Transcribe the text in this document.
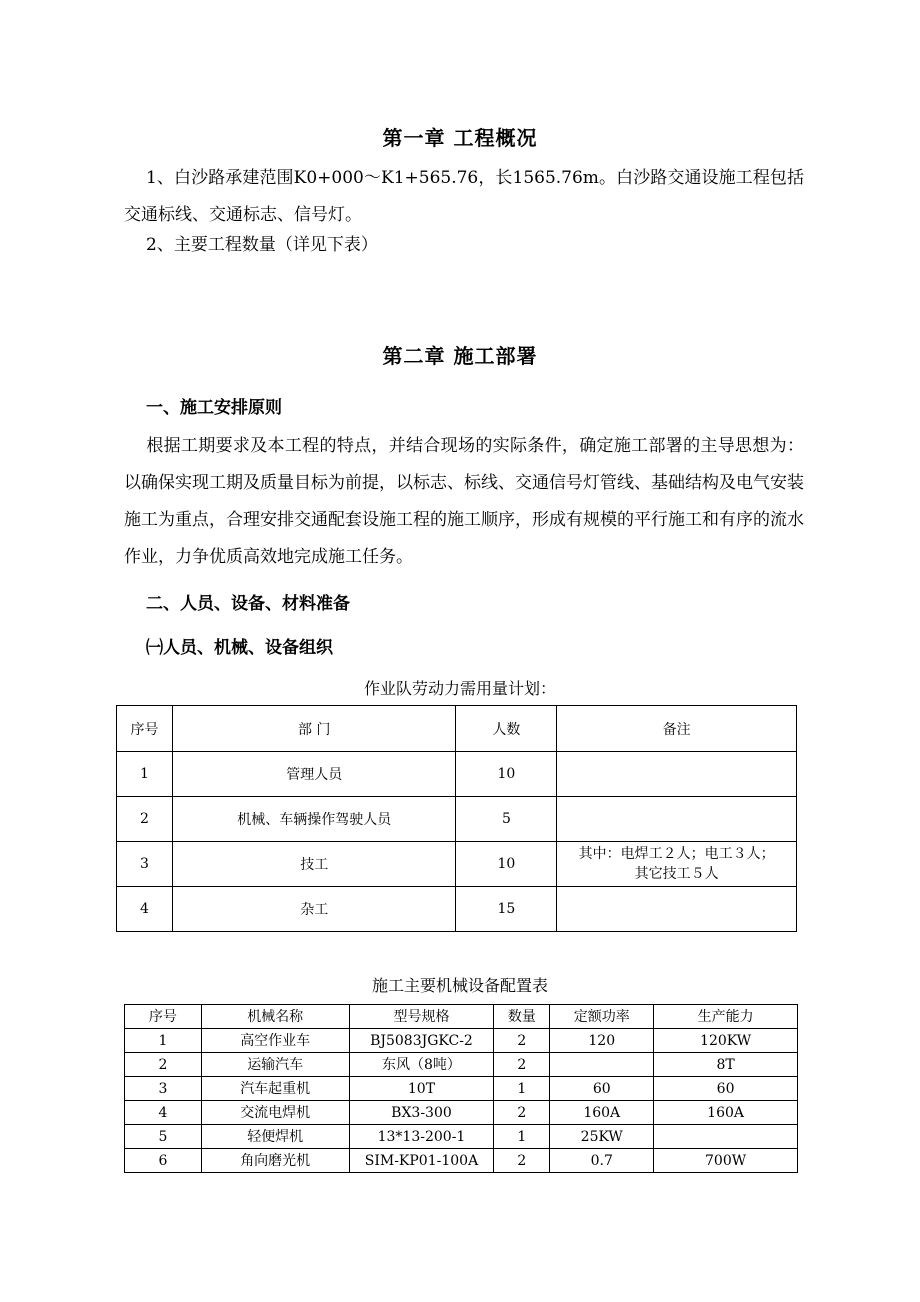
第一章 工程概况
1、白沙路承建范围K0+000～K1+565.76，长1565.76m。白沙路交通设施工程包括交通标线、交通标志、信号灯。
2、主要工程数量（详见下表）
第二章 施工部署
一、施工安排原则
根据工期要求及本工程的特点，并结合现场的实际条件，确定施工部署的主导思想为：以确保实现工期及质量目标为前提，以标志、标线、交通信号灯管线、基础结构及电气安装施工为重点，合理安排交通配套设施工程的施工顺序，形成有规模的平行施工和有序的流水作业，力争优质高效地完成施工任务。
二、人员、设备、材料准备
㈠人员、机械、设备组织
作业队劳动力需用量计划：
序号	部 门	人数	备注
1	管理人员	10	
2	机械、车辆操作驾驶人员	5	
3	技工	10	其中：电焊工２人；电工３人；
其它技工５人

4	杂工	15	
施工主要机械设备配置表
序号	机械名称	型号规格	数量	定额功率	生产能力
1	高空作业车	BJ5083JGKC-2	2	120	120KW
2	运输汽车	东风（8吨）	2		8T
3	汽车起重机	10T	1	60	60
4	交流电焊机	BX3-300	2	160A	160A
5	轻便焊机	13*13-200-1	1	25KW	
6	角向磨光机	SIM-KP01-100A	2	0.7	700W
